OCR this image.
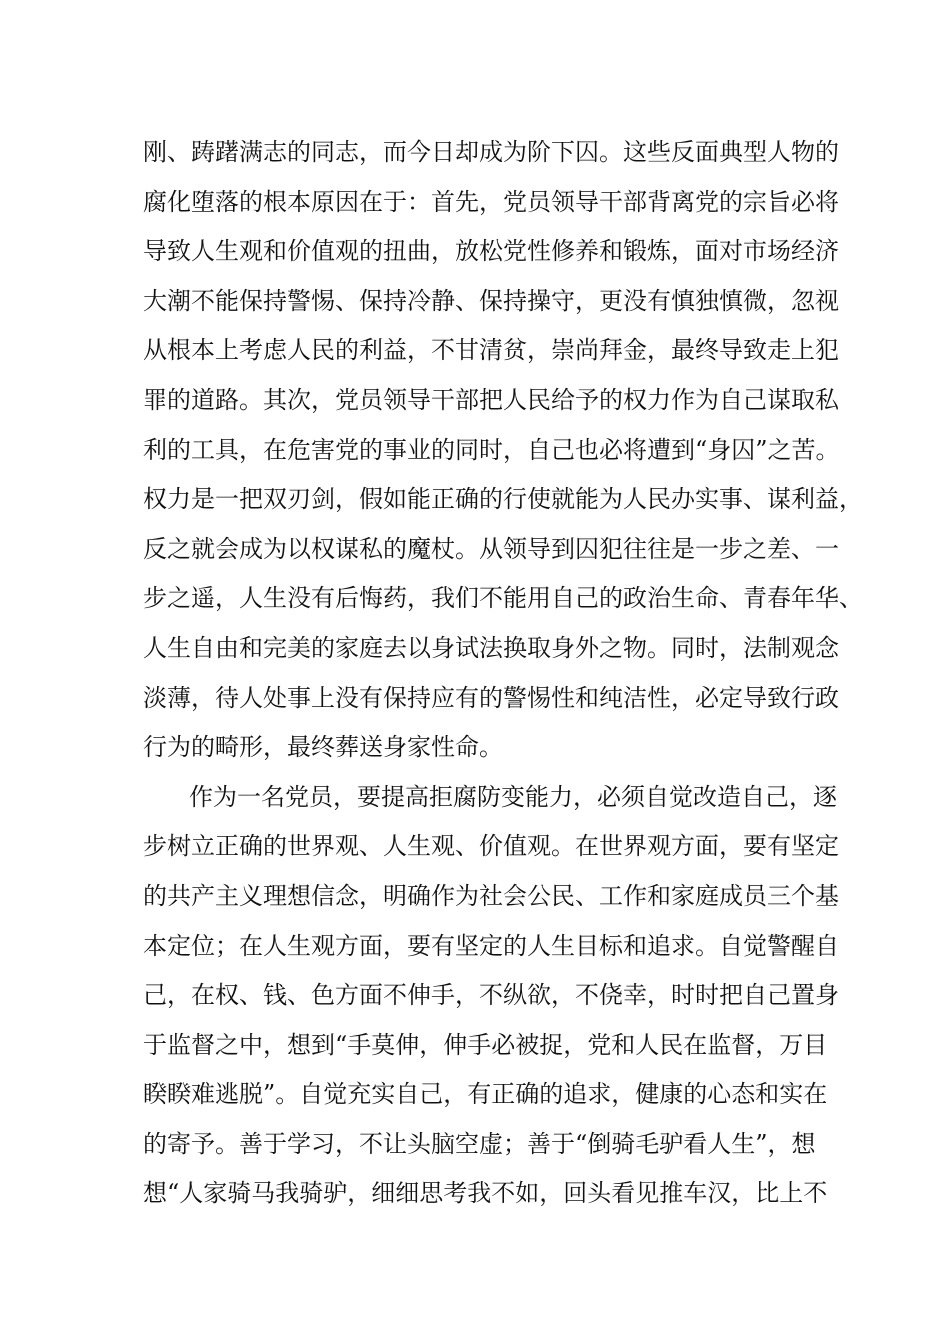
刚、踌躇满志的同志，而今日却成为阶下囚。这些反面典型人物的
腐化堕落的根本原因在于：首先，党员领导干部背离党的宗旨必将
导致人生观和价值观的扭曲，放松党性修养和锻炼，面对市场经济
大潮不能保持警惕、保持冷静、保持操守，更没有慎独慎微，忽视
从根本上考虑人民的利益，不甘清贫，崇尚拜金，最终导致走上犯
罪的道路。其次，党员领导干部把人民给予的权力作为自己谋取私
利的工具，在危害党的事业的同时，自己也必将遭到“身囚”之苦。
权力是一把双刃剑，假如能正确的行使就能为人民办实事、谋利益，
反之就会成为以权谋私的魔杖。从领导到囚犯往往是一步之差、一
步之遥，人生没有后悔药，我们不能用自己的政治生命、青春年华、
人生自由和完美的家庭去以身试法换取身外之物。同时，法制观念
淡薄，待人处事上没有保持应有的警惕性和纯洁性，必定导致行政
行为的畸形，最终葬送身家性命。
作为一名党员，要提高拒腐防变能力，必须自觉改造自己，逐
步树立正确的世界观、人生观、价值观。在世界观方面，要有坚定
的共产主义理想信念，明确作为社会公民、工作和家庭成员三个基
本定位；在人生观方面，要有坚定的人生目标和追求。自觉警醒自
己，在权、钱、色方面不伸手，不纵欲，不侥幸，时时把自己置身
于监督之中，想到“手莫伸，伸手必被捉，党和人民在监督，万目
睽睽难逃脱”。自觉充实自己，有正确的追求，健康的心态和实在
的寄予。善于学习，不让头脑空虚；善于“倒骑毛驴看人生”，想
想“人家骑马我骑驴，细细思考我不如，回头看见推车汉，比上不
